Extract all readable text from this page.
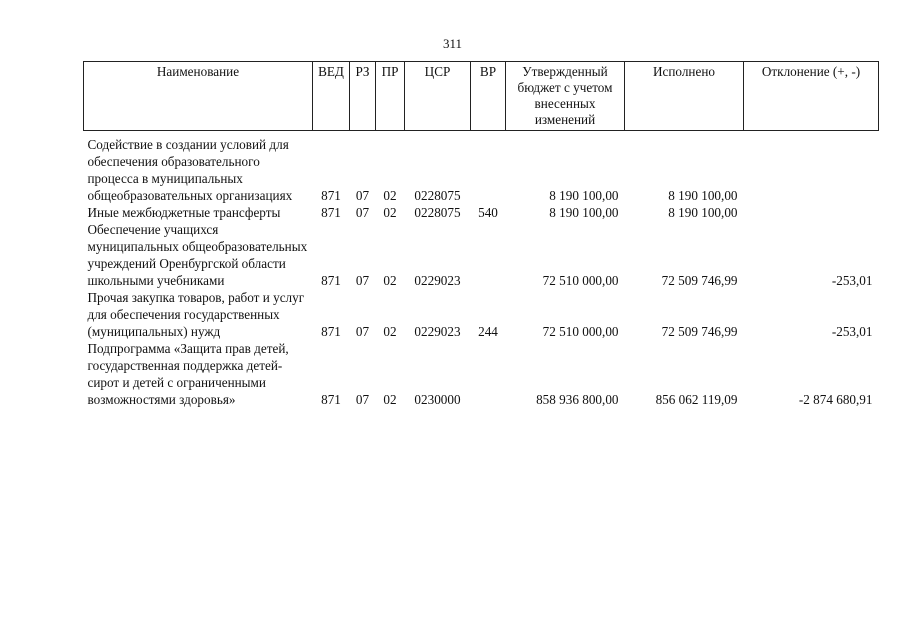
311
Наименование	ВЕД	РЗ	ПР	ЦСР	ВР	Утвержденный бюджет с учетом внесенных изменений	Исполнено	Отклонение (+, -)
Содействие в создании условий для обеспечения образовательного процесса в муниципальных общеобразовательных организациях	871	07	02	0228075		8 190 100,00	8 190 100,00	
Иные межбюджетные трансферты	871	07	02	0228075	540	8 190 100,00	8 190 100,00	
Обеспечение учащихся муниципальных общеобразовательных учреждений Оренбургской области школьными учебниками	871	07	02	0229023		72 510 000,00	72 509 746,99	-253,01
Прочая закупка товаров, работ и услуг для обеспечения государственных (муниципальных) нужд	871	07	02	0229023	244	72 510 000,00	72 509 746,99	-253,01
Подпрограмма «Защита прав детей, государственная поддержка детей-сирот и детей с ограниченными возможностями здоровья»	871	07	02	0230000		858 936 800,00	856 062 119,09	-2 874 680,91
